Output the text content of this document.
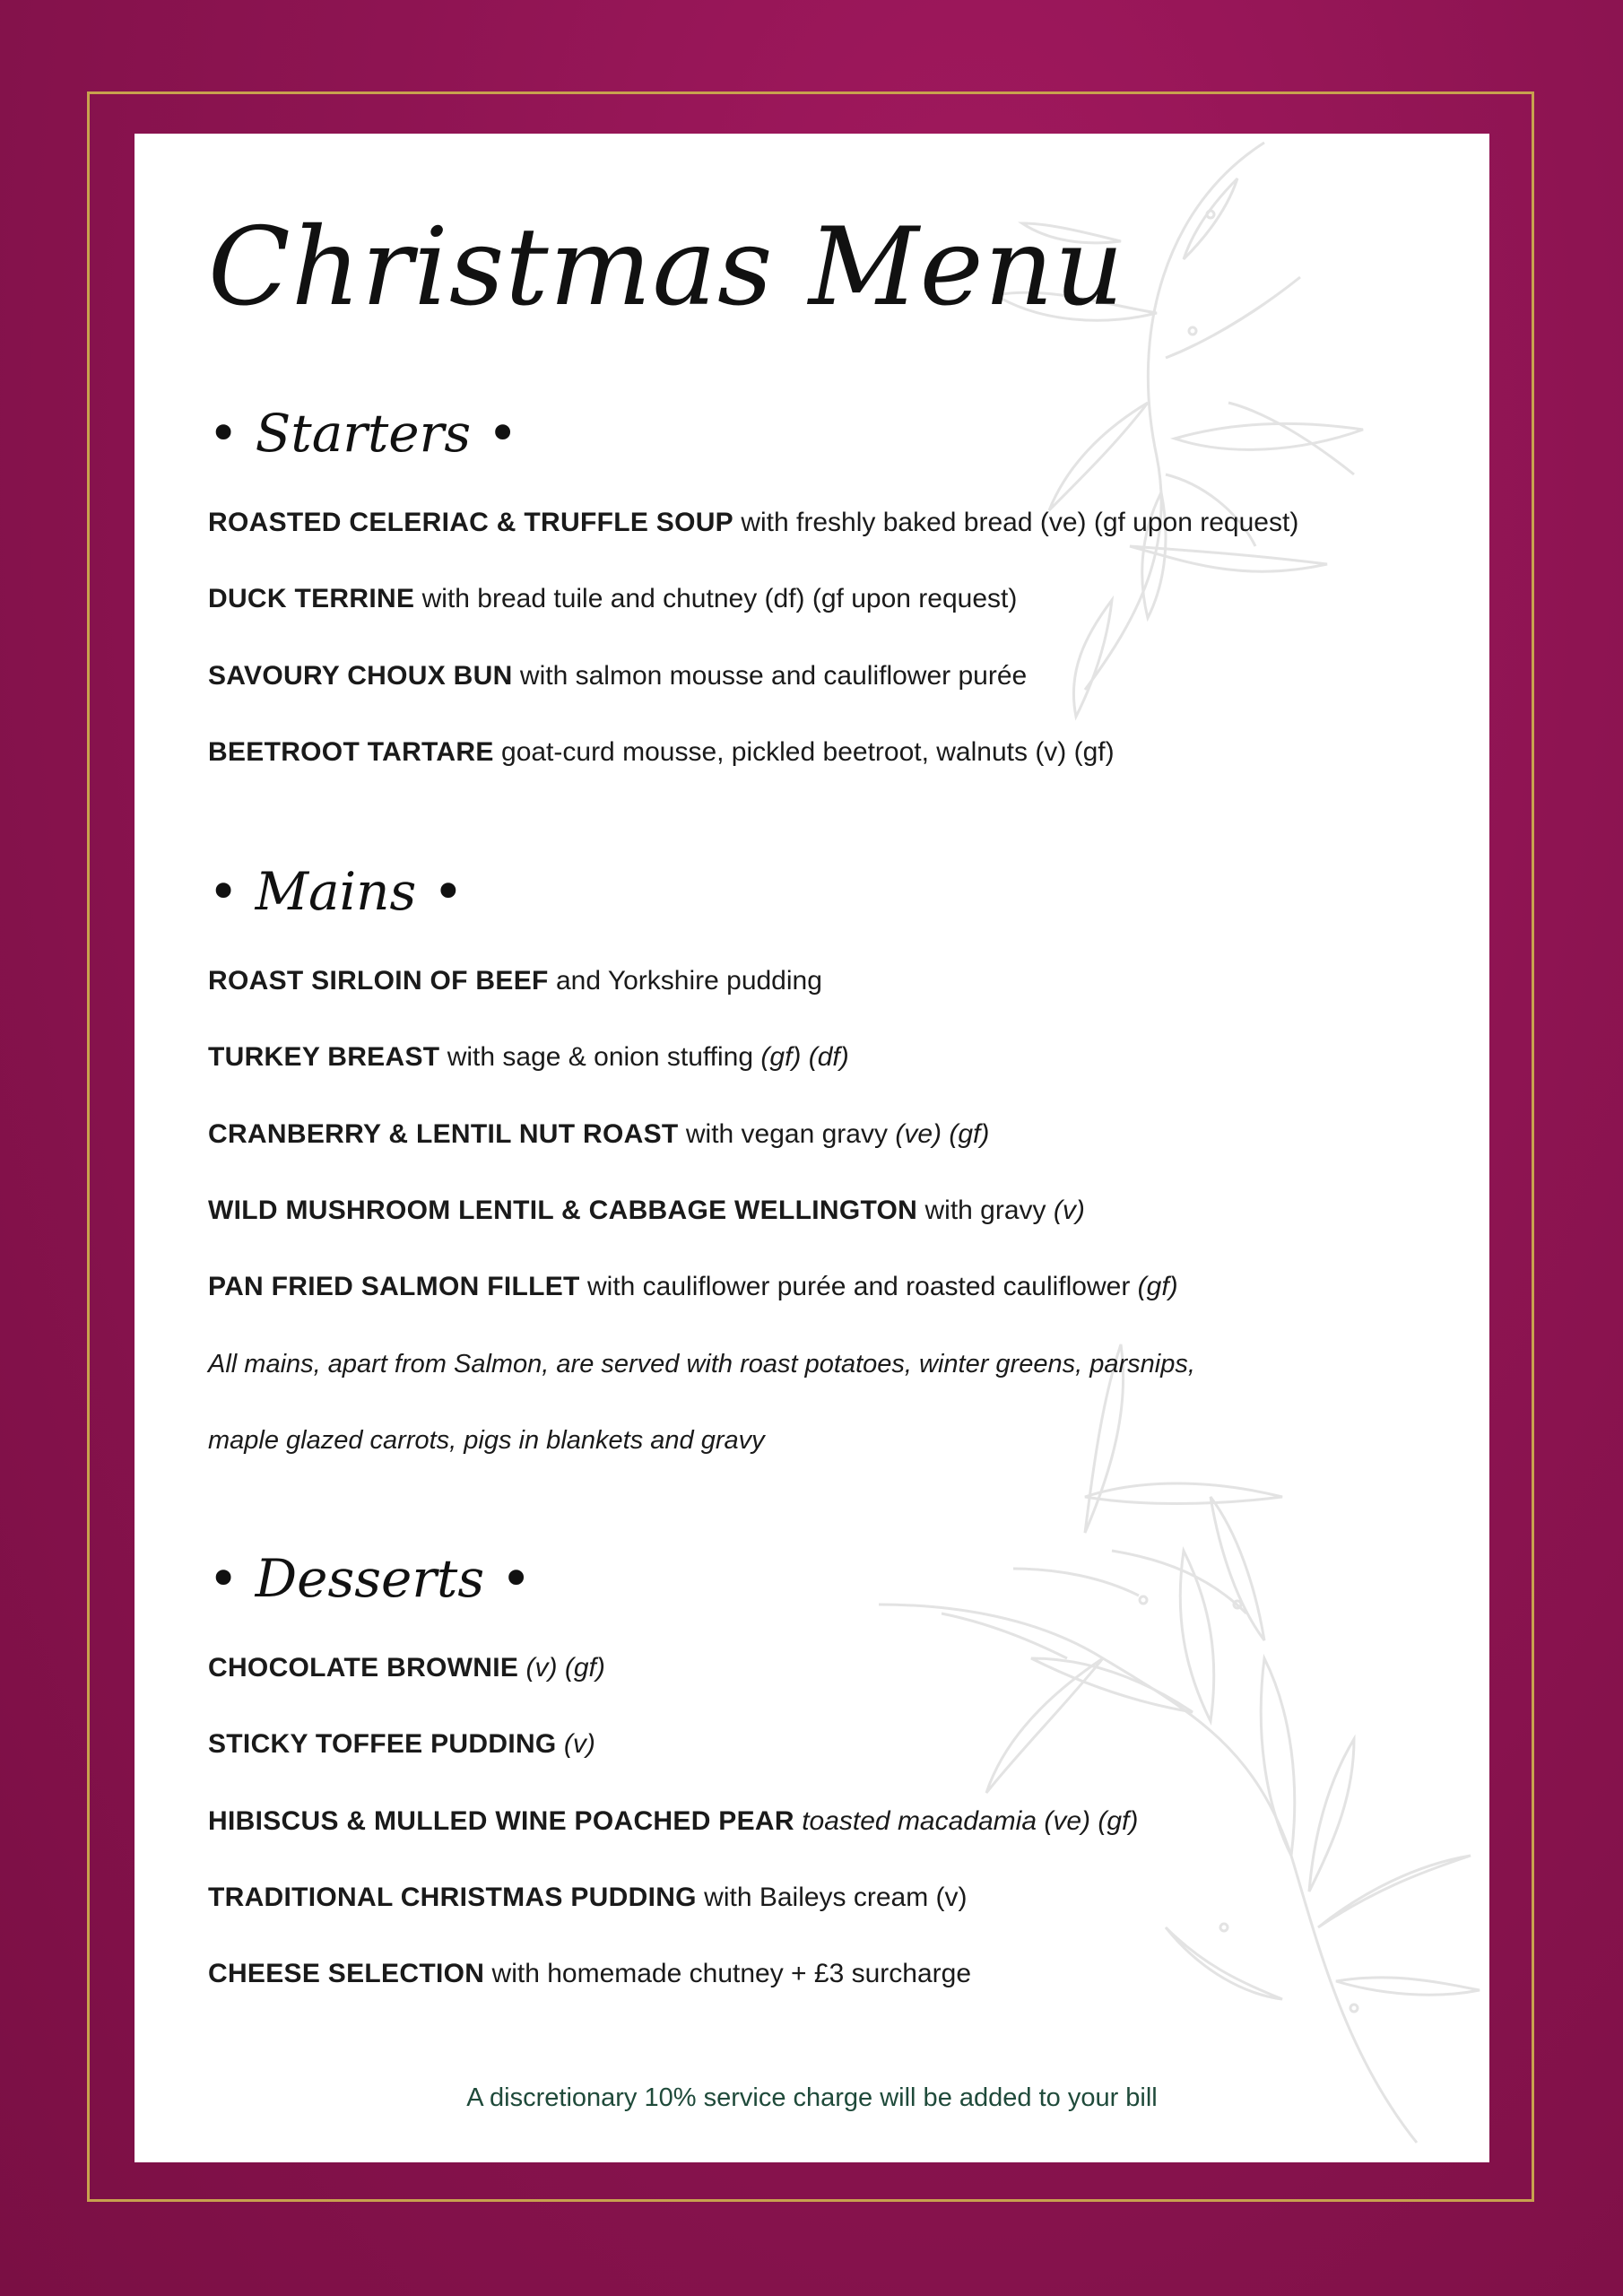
Christmas Menu
• Starters •
ROASTED CELERIAC & TRUFFLE SOUP with freshly baked bread (ve) (gf upon request)
DUCK TERRINE with bread tuile and chutney (df) (gf upon request)
SAVOURY CHOUX BUN with salmon mousse and cauliflower purée
BEETROOT TARTARE goat-curd mousse, pickled beetroot, walnuts (v) (gf)
• Mains •
ROAST SIRLOIN OF BEEF and Yorkshire pudding
TURKEY BREAST with sage & onion stuffing (gf) (df)
CRANBERRY & LENTIL NUT ROAST with vegan gravy (ve) (gf)
WILD MUSHROOM LENTIL & CABBAGE WELLINGTON with gravy (v)
PAN FRIED SALMON FILLET with cauliflower purée and roasted cauliflower (gf)
All mains, apart from Salmon, are served with roast potatoes, winter greens, parsnips,
maple glazed carrots, pigs in blankets and gravy
• Desserts •
CHOCOLATE BROWNIE (v) (gf)
STICKY TOFFEE PUDDING (v)
HIBISCUS & MULLED WINE POACHED PEAR toasted macadamia (ve) (gf)
TRADITIONAL CHRISTMAS PUDDING with Baileys cream (v)
CHEESE SELECTION with homemade chutney + £3 surcharge
A discretionary 10% service charge will be added to your bill
